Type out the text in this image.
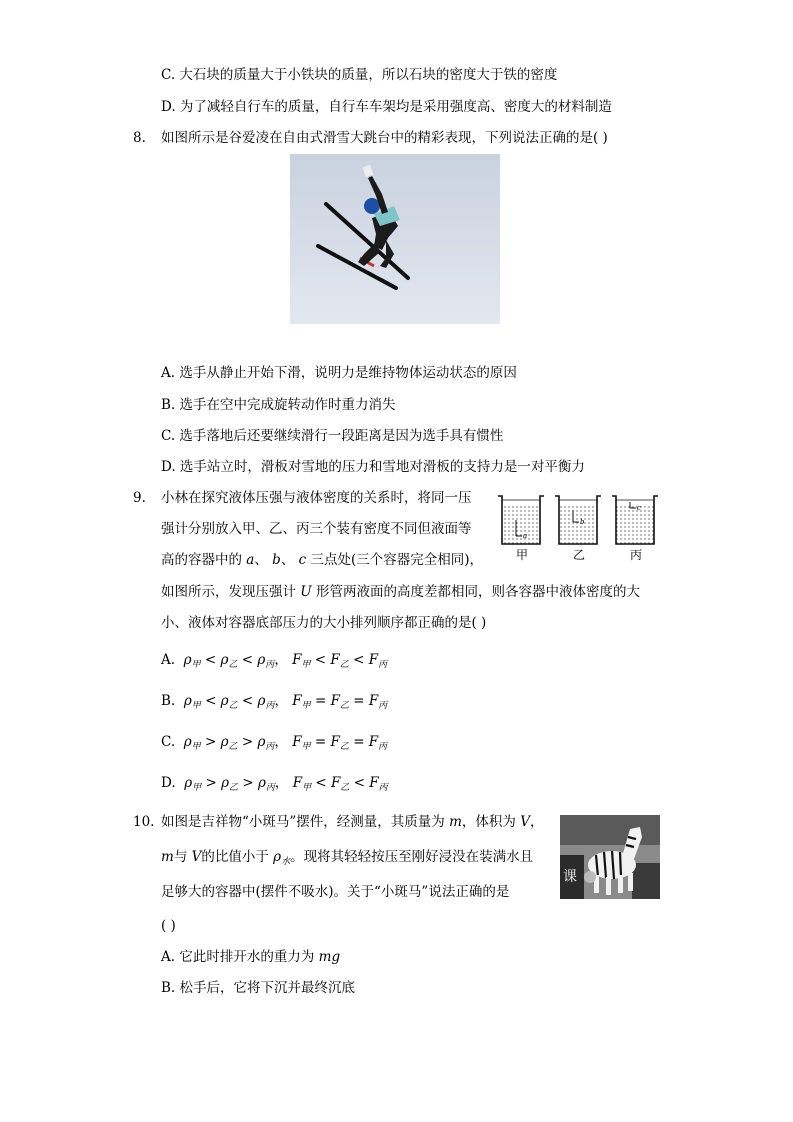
C. 大石块的质量大于小铁块的质量，所以石块的密度大于铁的密度
D. 为了减轻自行车的质量，自行车车架均是采用强度高、密度大的材料制造
8. 如图所示是谷爱凌在自由式滑雪大跳台中的精彩表现，下列说法正确的是( )
A. 选手从静止开始下滑，说明力是维持物体运动状态的原因
B. 选手在空中完成旋转动作时重力消失
C. 选手落地后还要继续滑行一段距离是因为选手具有惯性
D. 选手站立时，滑板对雪地的压力和雪地对滑板的支持力是一对平衡力
9. 小林在探究液体压强与液体密度的关系时，将同一压
强计分别放入甲、乙、丙三个装有密度不同但液面等
高的容器中的 a、 b、 c 三点处(三个容器完全相同)，
如图所示，发现压强计 U 形管两液面的高度差都相同，则各容器中液体密度的大
小、液体对容器底部压力的大小排列顺序都正确的是( )
a
b
c
甲	乙	丙
A. $\rho_甲 < \rho_乙 < \rho_丙$， $F_甲 < F_乙 < F_丙$
B. $\rho_甲 < \rho_乙 < \rho_丙$， $F_甲 = F_乙 = F_丙$
C. $\rho_甲 > \rho_乙 > \rho_丙$， $F_甲 = F_乙 = F_丙$
D. $\rho_甲 > \rho_乙 > \rho_丙$， $F_甲 < F_乙 < F_丙$
10. 如图是吉祥物“小斑马”摆件，经测量，其质量为 m，体积为 V，
m与 V的比值小于 $\rho_水$。现将其轻轻按压至刚好浸没在装满水且
足够大的容器中(摆件不吸水)。关于“小斑马”说法正确的是
( )
课
A. 它此时排开水的重力为 mg
B. 松手后，它将下沉并最终沉底
